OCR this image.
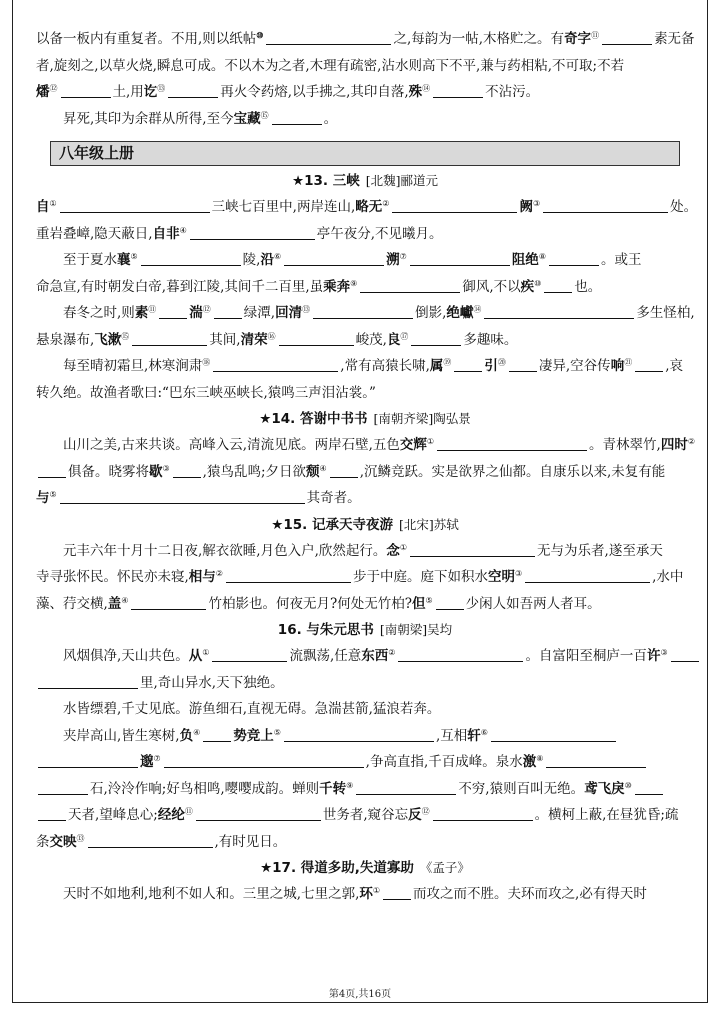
以备一板内有重复者。不用,则以纸帖⑩	之,每韵为一帖,木格贮之。有奇字⑪	素无备

者,旋刻之,以草火烧,瞬息可成。不以木为之者,木理有疏密,沾水则高下不平,兼与药相粘,不可取;不若

燔⑫	土,用讫⑬	再火令药熔,以手拂之,其印自落,殊⑭	不沾污。

昇死,其印为余群从所得,至今宝藏⑮	。

八年级上册
★13. 三峡 [北魏]郦道元

自①	三峡七百里中,两岸连山,略无②	阙③	处。

重岩叠嶂,隐天蔽日,自非④	亭午夜分,不见曦月。

至于夏水襄⑤	陵,沿⑥	溯⑦	阻绝⑧	。或王

命急宣,有时朝发白帝,暮到江陵,其间千二百里,虽乘奔⑨	御风,不以疾⑩ 也。

春冬之时,则素⑪ 湍⑫ 绿潭,回清⑬	倒影,绝巘⑭	多生怪柏,

悬泉瀑布,飞漱⑮	其间,清荣⑯	峻茂,良⑰	多趣味。

每至晴初霜旦,林寒涧肃⑱	,常有高猿长啸,属⑲ 引⑳ 凄异,空谷传响$^㉑$ ,哀

转久绝。故渔者歌曰:“巴东三峡巫峡长,猿鸣三声泪沾裳。”

★14. 答谢中书书 [南朝齐梁]陶弘景

山川之美,古来共谈。高峰入云,清流见底。两岸石壁,五色交辉①	。青林翠竹,四时②

俱备。晓雾将歇③ ,猿鸟乱鸣;夕日欲颓④ ,沉鳞竞跃。实是欲界之仙都。自康乐以来,未复有能

与⑤	其奇者。

★15. 记承天寺夜游 [北宋]苏轼

元丰六年十月十二日夜,解衣欲睡,月色入户,欣然起行。念①	无与为乐者,遂至承天

寺寻张怀民。怀民亦未寝,相与②	步于中庭。庭下如积水空明③	,水中

藻、荇交横,盖④	竹柏影也。何夜无月?何处无竹柏?但⑤ 少闲人如吾两人者耳。

16. 与朱元思书 [南朝梁]吴均

风烟俱净,天山共色。从①	流飘荡,任意东西②	。自富阳至桐庐一百许③

里,奇山异水,天下独绝。

水皆缥碧,千丈见底。游鱼细石,直视无碍。急湍甚箭,猛浪若奔。

夹岸高山,皆生寒树,负④ 势竞上⑤	,互相轩⑥

邈⑦	,争高直指,千百成峰。泉水激⑧

石,泠泠作响;好鸟相鸣,嘤嘤成韵。蝉则千转⑨	不穷,猿则百叫无绝。鸢飞戾⑩

天者,望峰息心;经纶⑪	世务者,窥谷忘反⑫	。横柯上蔽,在昼犹昏;疏

条交映⑬	,有时见日。

★17. 得道多助,失道寡助 《孟子》

天时不如地利,地利不如人和。三里之城,七里之郭,环① 而攻之而不胜。夫环而攻之,必有得天时

第4页,共16页
